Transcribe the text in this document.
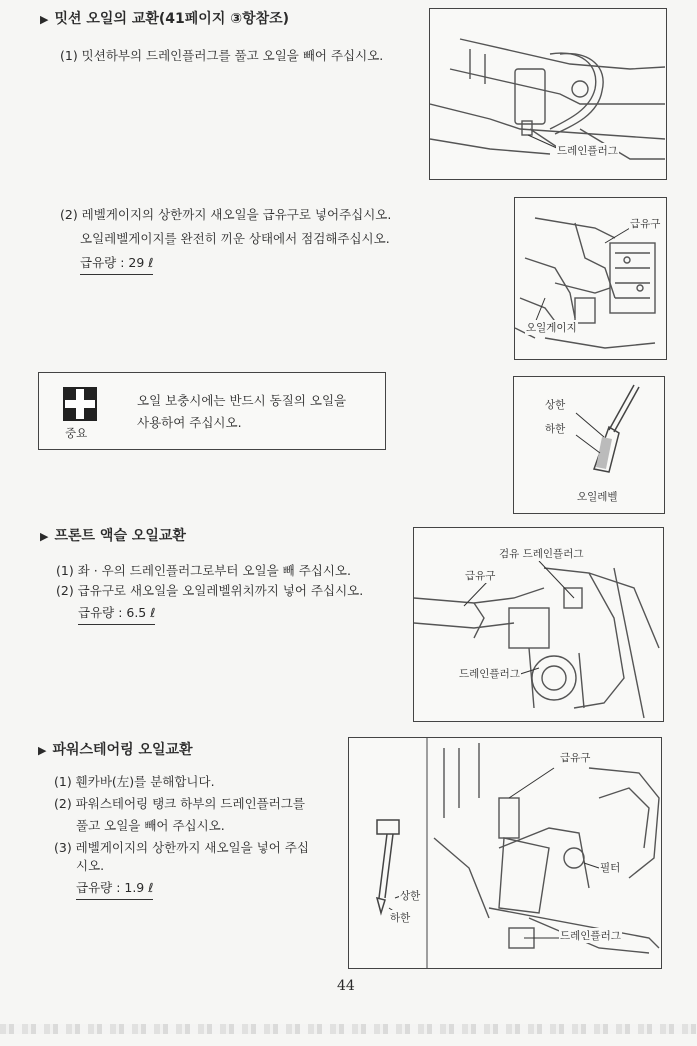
▶ 밋션 오일의 교환(41페이지 ③항참조)
(1) 밋션하부의 드레인플러그를 풀고 오일을 빼어 주십시오.
드레인플러그
(2) 레벨게이지의 상한까지 새오일을 급유구로 넣어주십시오.
오일레벨게이지를 완전히 끼운 상태에서 점검해주십시오.
급유량 : 29 ℓ
급유구
오일게이지
중요
오일 보충시에는 반드시 동질의 오일을
사용하여 주십시오.
상한
하한
오일레벨
▶ 프론트 액슬 오일교환
(1) 좌 · 우의 드레인플러그로부터 오일을 빼 주십시오.
(2) 급유구로 새오일을 오일레벨위치까지 넣어 주십시오.
급유량 : 6.5 ℓ
검유 드레인플러그
급유구
드레인플러그
▶ 파워스테어링 오일교환
(1) 휀카바(左)를 분해합니다.
(2) 파워스테어링 탱크 하부의 드레인플러그를
풀고 오일을 빼어 주십시오.
(3) 레벨게이지의 상한까지 새오일을 넣어 주십
시오.
급유량 : 1.9 ℓ
급유구
필터
상한
하한
드레인플러그
44
